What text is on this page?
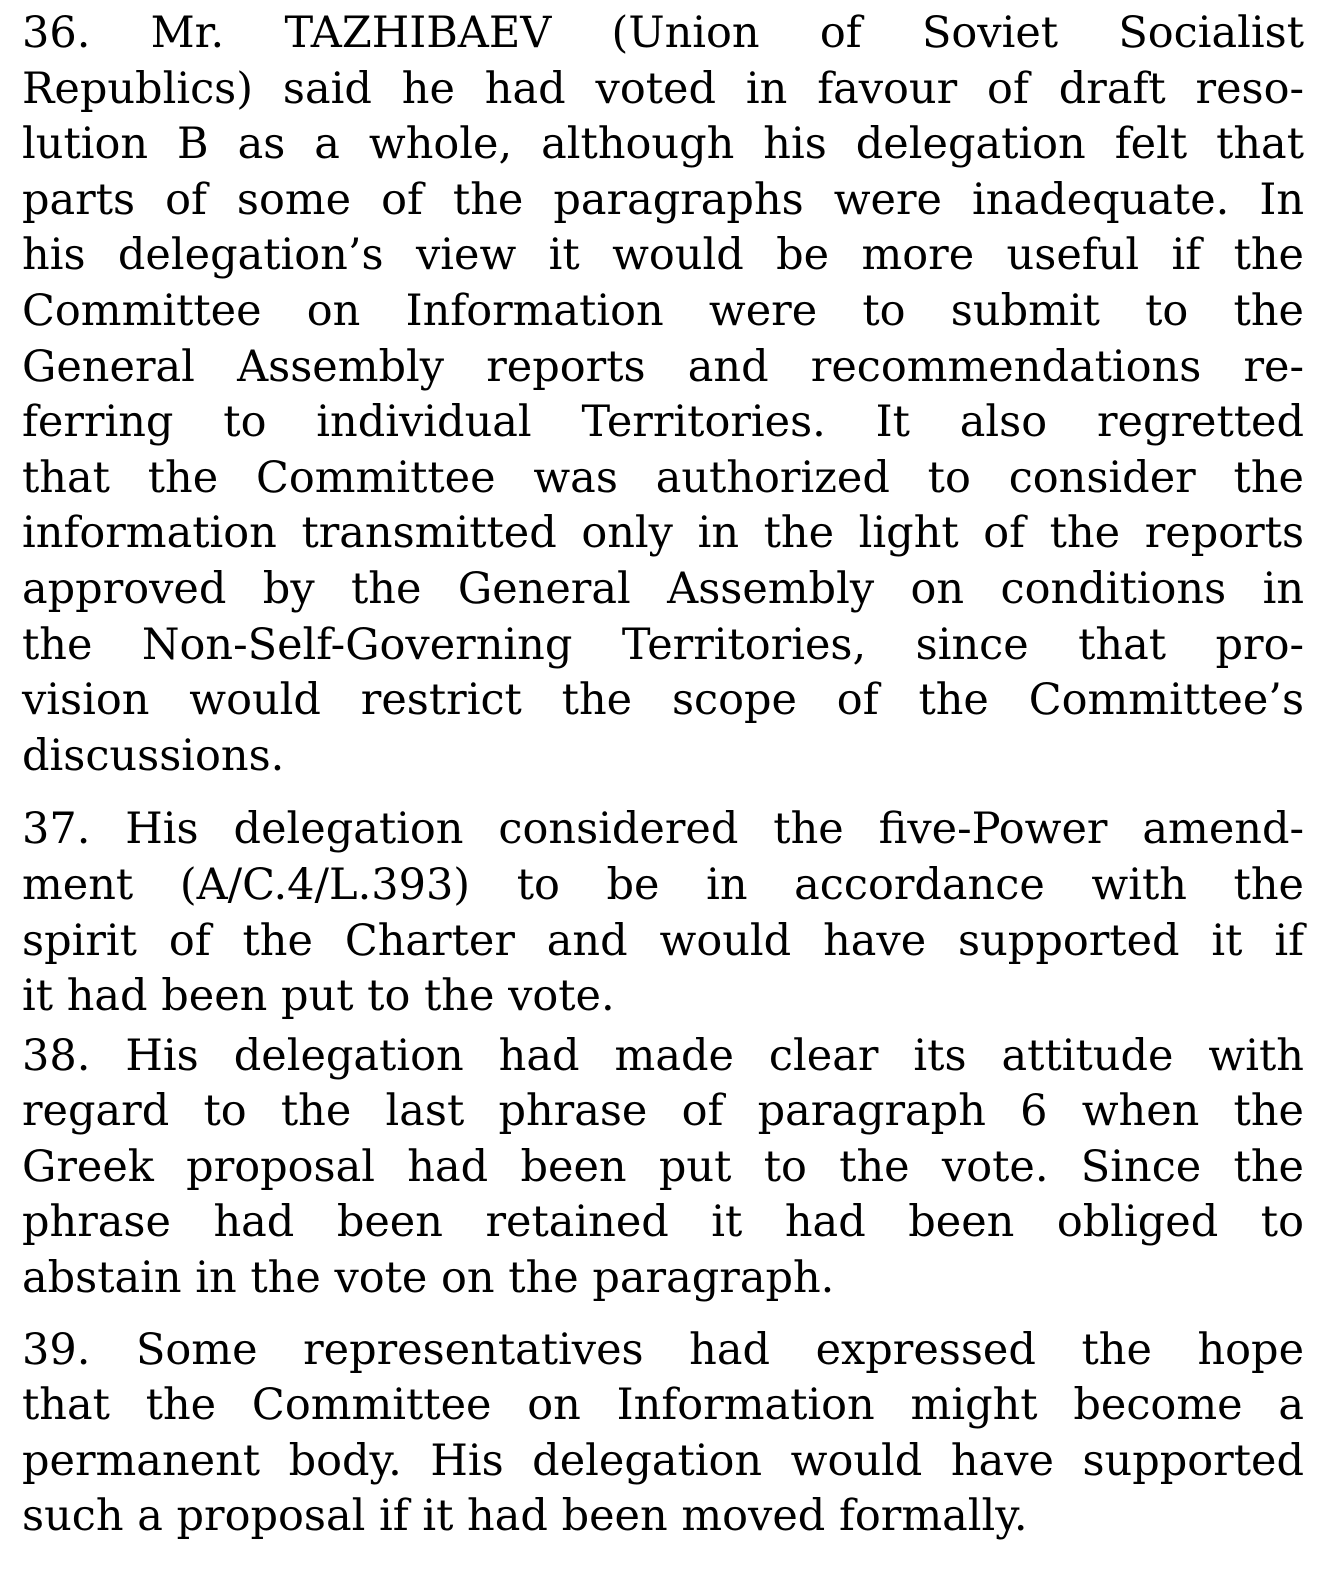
36. Mr. TAZHIBAEV (Union of Soviet Socialist
Republics) said he had voted in favour of draft reso-
lution B as a whole, although his delegation felt that
parts of some of the paragraphs were inadequate. In
his delegation’s view it would be more useful if the
Committee on Information were to submit to the
General Assembly reports and recommendations re-
ferring to individual Territories. It also regretted
that the Committee was authorized to consider the
information transmitted only in the light of the reports
approved by the General Assembly on conditions in
the Non-Self-Governing Territories, since that pro-
vision would restrict the scope of the Committee’s
discussions.
37. His delegation considered the five-Power amend-
ment (A/C.4/L.393) to be in accordance with the
spirit of the Charter and would have supported it if
it had been put to the vote.
38. His delegation had made clear its attitude with
regard to the last phrase of paragraph 6 when the
Greek proposal had been put to the vote. Since the
phrase had been retained it had been obliged to
abstain in the vote on the paragraph.
39. Some representatives had expressed the hope
that the Committee on Information might become a
permanent body. His delegation would have supported
such a proposal if it had been moved formally.
